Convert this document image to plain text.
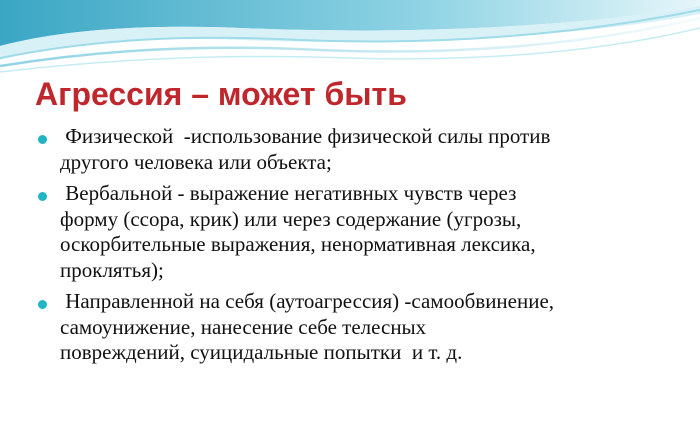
Агрессия – может быть
Физической  -использование физической силы против
другого человека или объекта;
Вербальной - выражение негативных чувств через
форму (ссора, крик) или через содержание (угрозы,
оскорбительные выражения, ненормативная лексика,
проклятья);
Направленной на себя (аутоагрессия) -самообвинение,
самоунижение, нанесение себе телесных
повреждений, суицидальные попытки  и т. д.
